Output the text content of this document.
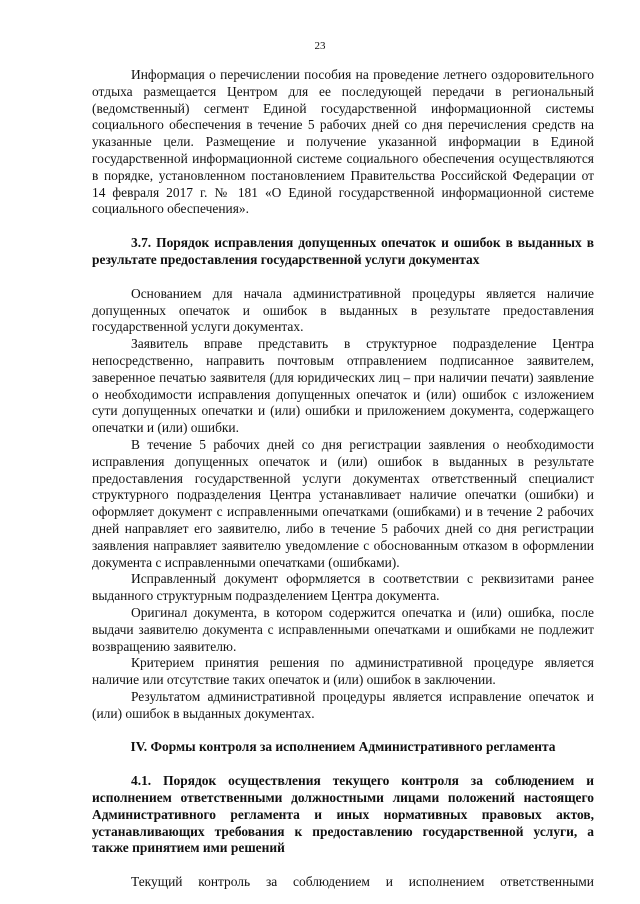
23

Информация о перечислении пособия на проведение летнего оздоровительного отдыха размещается Центром для ее последующей передачи в региональный (ведомственный) сегмент Единой государственной информационной системы социального обеспечения в течение 5 рабочих дней со дня перечисления средств на указанные цели. Размещение и получение указанной информации в Единой государственной информационной системе социального обеспечения осуществляются в порядке, установленном постановлением Правительства Российской Федерации от 14 февраля 2017 г. № 181 «О Единой государственной информационной системе социального обеспечения».

3.7. Порядок исправления допущенных опечаток и ошибок в выданных в результате предоставления государственной услуги документах

Основанием для начала административной процедуры является наличие допущенных опечаток и ошибок в выданных в результате предоставления государственной услуги документах.

Заявитель вправе представить в структурное подразделение Центра непосредственно, направить почтовым отправлением подписанное заявителем, заверенное печатью заявителя (для юридических лиц – при наличии печати) заявление о необходимости исправления допущенных опечаток и (или) ошибок с изложением сути допущенных опечатки и (или) ошибки и приложением документа, содержащего опечатки и (или) ошибки.

В течение 5 рабочих дней со дня регистрации заявления о необходимости исправления допущенных опечаток и (или) ошибок в выданных в результате предоставления государственной услуги документах ответственный специалист структурного подразделения Центра устанавливает наличие опечатки (ошибки) и оформляет документ с исправленными опечатками (ошибками) и в течение 2 рабочих дней направляет его заявителю, либо в течение 5 рабочих дней со дня регистрации заявления направляет заявителю уведомление с обоснованным отказом в оформлении документа с исправленными опечатками (ошибками).

Исправленный документ оформляется в соответствии с реквизитами ранее выданного структурным подразделением Центра документа.

Оригинал документа, в котором содержится опечатка и (или) ошибка, после выдачи заявителю документа с исправленными опечатками и ошибками не подлежит возвращению заявителю.

Критерием принятия решения по административной процедуре является наличие или отсутствие таких опечаток и (или) ошибок в заключении.

Результатом административной процедуры является исправление опечаток и (или) ошибок в выданных документах.

IV. Формы контроля за исполнением Административного регламента

4.1. Порядок осуществления текущего контроля за соблюдением и исполнением ответственными должностными лицами положений настоящего Административного регламента и иных нормативных правовых актов, устанавливающих требования к предоставлению государственной услуги, а также принятием ими решений

Текущий контроль за соблюдением и исполнением ответственными
